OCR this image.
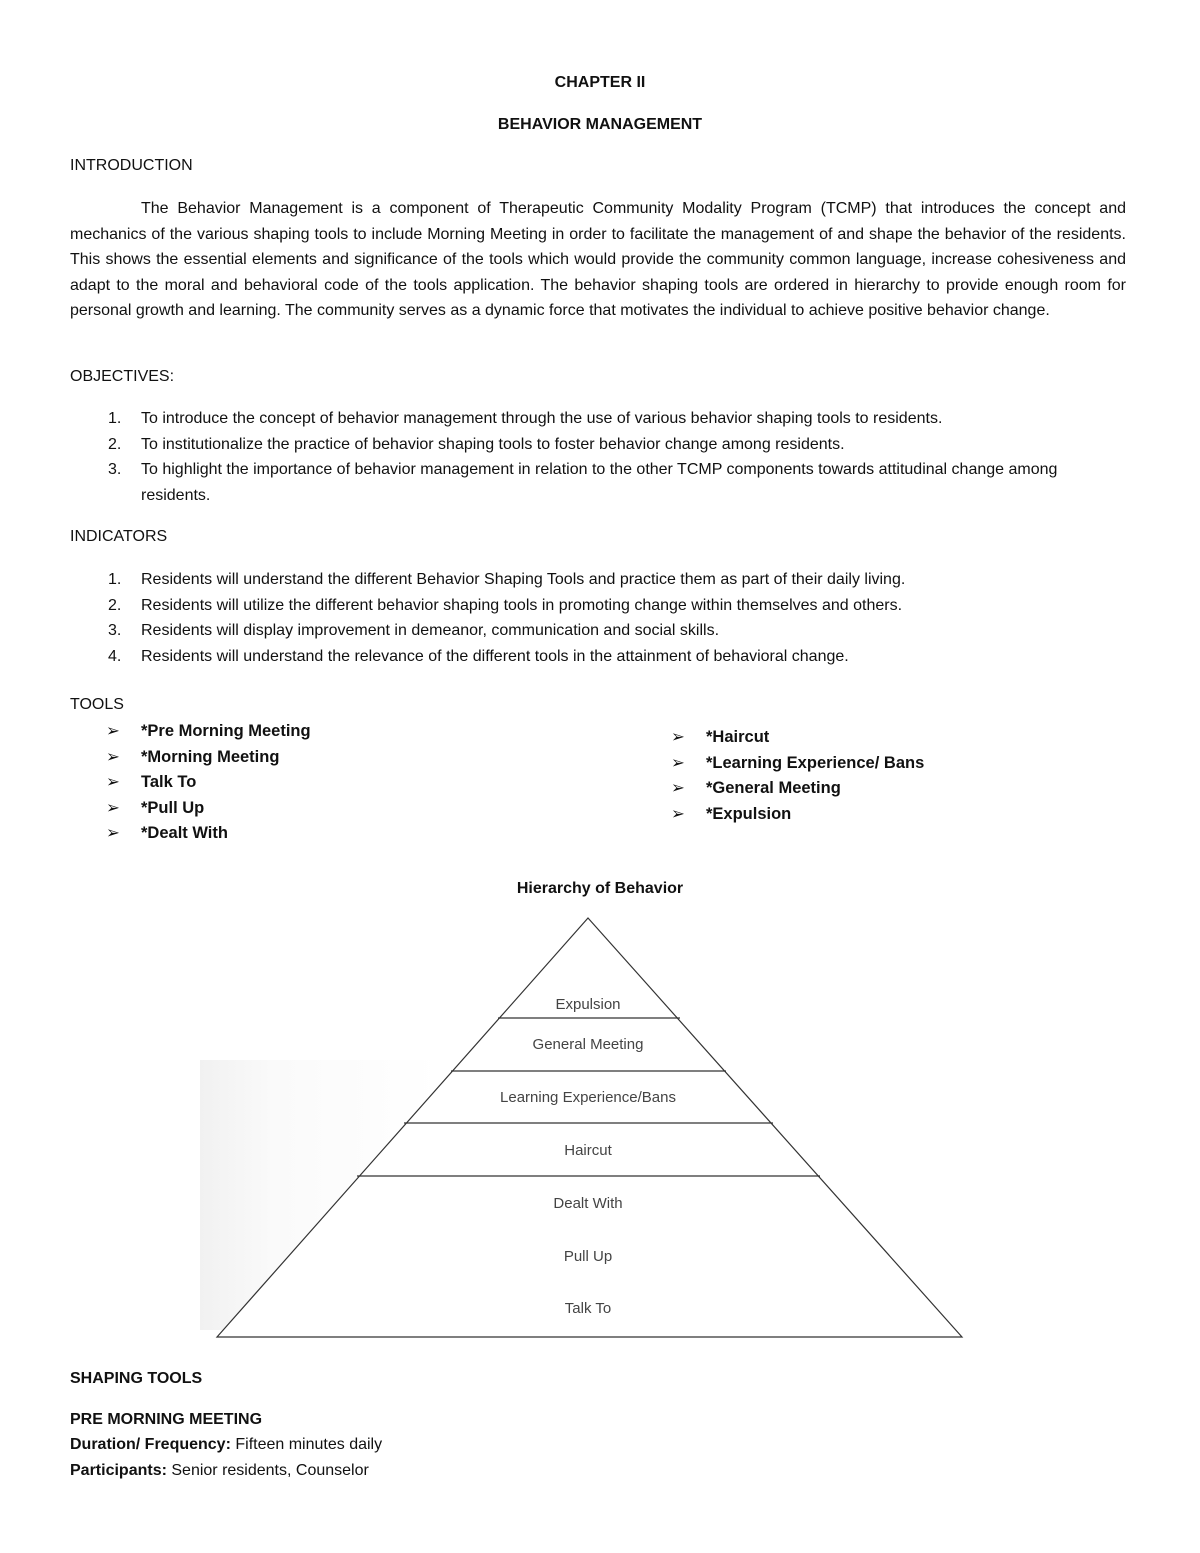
CHAPTER II
BEHAVIOR MANAGEMENT
INTRODUCTION
The Behavior Management is a component of Therapeutic Community Modality Program (TCMP) that introduces the concept and mechanics of the various shaping tools to include Morning Meeting in order to facilitate the management of and shape the behavior of the residents. This shows the essential elements and significance of the tools which would provide the community common language, increase cohesiveness and adapt to the moral and behavioral code of the tools application. The behavior shaping tools are ordered in hierarchy to provide enough room for personal growth and learning. The community serves as a dynamic force that motivates the individual to achieve positive behavior change.
OBJECTIVES:
1. To introduce the concept of behavior management through the use of various behavior shaping tools to residents.
2. To institutionalize the practice of behavior shaping tools to foster behavior change among residents.
3. To highlight the importance of behavior management in relation to the other TCMP components towards attitudinal change among residents.
INDICATORS
1. Residents will understand the different Behavior Shaping Tools and practice them as part of their daily living.
2. Residents will utilize the different behavior shaping tools in promoting change within themselves and others.
3. Residents will display improvement in demeanor, communication and social skills.
4. Residents will understand the relevance of the different tools in the attainment of behavioral change.
TOOLS
➢ *Pre Morning Meeting
➢ *Morning Meeting
➢ Talk To
➢ *Pull Up
➢ *Dealt With
➢ *Haircut
➢ *Learning Experience/ Bans
➢ *General Meeting
➢ *Expulsion
Hierarchy of Behavior
Expulsion
General Meeting
Learning Experience/Bans
Haircut
Dealt With
Pull Up
Talk To
SHAPING TOOLS
PRE MORNING MEETING
Duration/ Frequency: Fifteen minutes daily
Participants: Senior residents, Counselor
